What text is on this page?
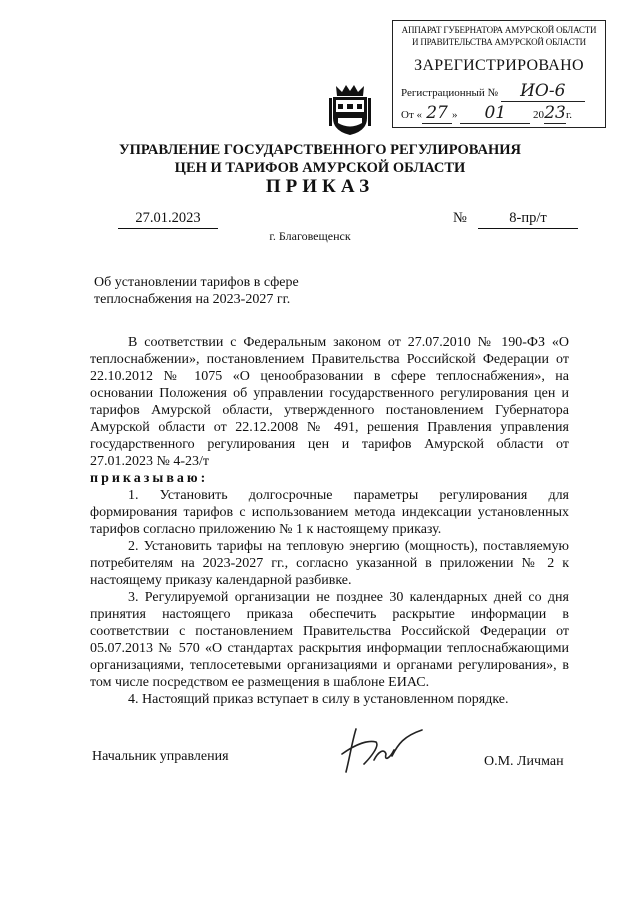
АППАРАТ ГУБЕРНАТОРА АМУРСКОЙ ОБЛАСТИ
И ПРАВИТЕЛЬСТВА АМУРСКОЙ ОБЛАСТИ
ЗАРЕГИСТРИРОВАНО
Регистрационный № ИО-6
От « 27 » 01 2023г.
УПРАВЛЕНИЕ ГОСУДАРСТВЕННОГО РЕГУЛИРОВАНИЯ
ЦЕН И ТАРИФОВ АМУРСКОЙ ОБЛАСТИ
ПРИКАЗ
27.01.2023	№	8-пр/т
г. Благовещенск
Об установлении тарифов в сфере
теплоснабжения на 2023-2027 гг.

В соответствии с Федеральным законом от 27.07.2010 № 190-ФЗ «О теплоснабжении», постановлением Правительства Российской Федерации от 22.10.2012 № 1075 «О ценообразовании в сфере теплоснабжения», на основании Положения об управлении государственного регулирования цен и тарифов Амурской области, утвержденного постановлением Губернатора Амурской области от 22.12.2008 № 491, решения Правления управления государственного регулирования цен и тарифов Амурской области от 27.01.2023 № 4-23/т

приказываю:

1. Установить долгосрочные параметры регулирования для формирования тарифов с использованием метода индексации установленных тарифов согласно приложению № 1 к настоящему приказу.

2. Установить тарифы на тепловую энергию (мощность), поставляемую потребителям на 2023-2027 гг., согласно указанной в приложении № 2 к настоящему приказу календарной разбивке.

3. Регулируемой организации не позднее 30 календарных дней со дня принятия настоящего приказа обеспечить раскрытие информации в соответствии с постановлением Правительства Российской Федерации от 05.07.2013 № 570 «О стандартах раскрытия информации теплоснабжающими организациями, теплосетевыми организациями и органами регулирования», в том числе посредством ее размещения в шаблоне ЕИАС.

4. Настоящий приказ вступает в силу в установленном порядке.

Начальник управления	О.М. Личман
